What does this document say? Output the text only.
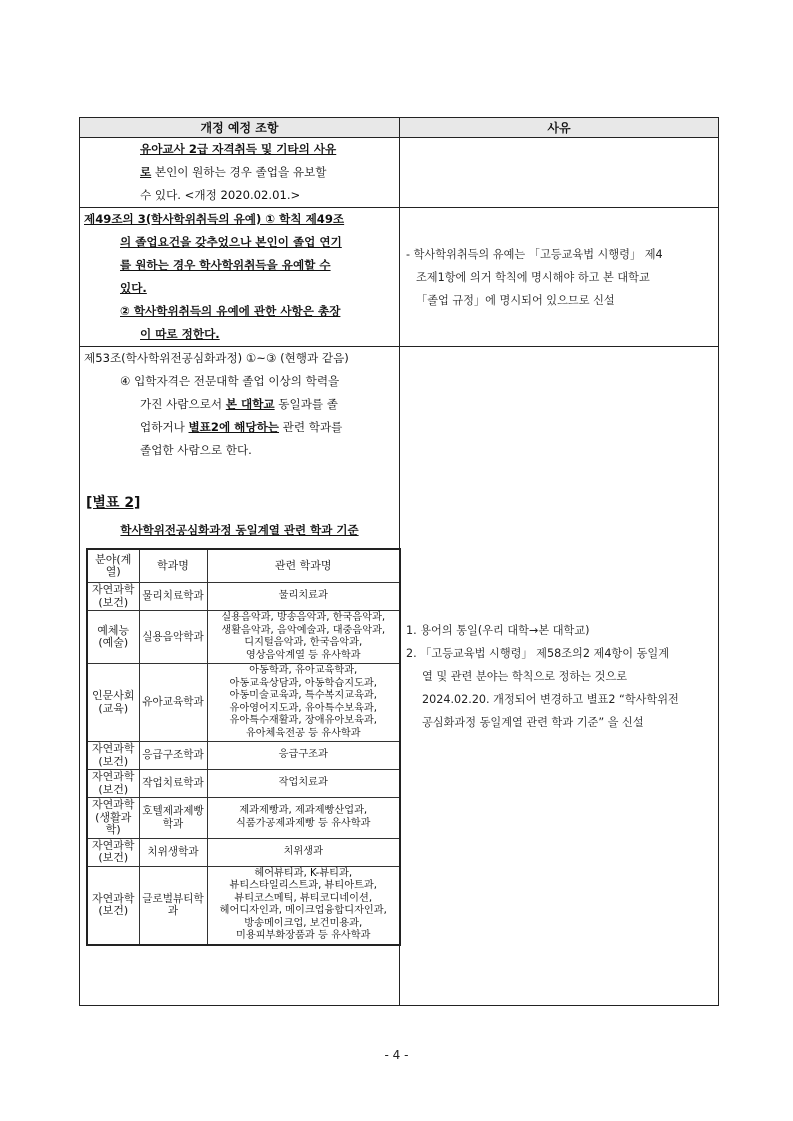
개정 예정 조항	사유

유아교사 2급 자격취득 및 기타의 사유
로 본인이 원하는 경우 졸업을 유보할
수 있다. <개정 2020.02.01.>

제49조의 3(학사학위취득의 유예) ① 학칙 제49조
의 졸업요건을 갖추었으나 본인이 졸업 연기
를 원하는 경우 학사학위취득을 유예할 수
있다.
② 학사학위취득의 유예에 관한 사항은 총장
이 따로 정한다.

- 학사학위취득의 유예는 「고등교육법 시행령」 제4
조제1항에 의거 학칙에 명시해야 하고 본 대학교
「졸업 규정」에 명시되어 있으므로 신설

제53조(학사학위전공심화과정) ①~③ (현행과 같음)
④ 입학자격은 전문대학 졸업 이상의 학력을
가진 사람으로서 본 대학교 동일과를 졸
업하거나 별표2에 해당하는 관련 학과를
졸업한 사람으로 한다.
[별표 2]
학사학위전공심화과정 동일계열 관련 학과 기준
분야(계열)	학과명	관련 학과명
자연과학
(보건)	물리치료학과	물리치료과
예체능
(예술)	실용음악학과	실용음악과, 방송음악과, 한국음악과,
생활음악과, 음악예술과, 대중음악과,
디지털음악과, 한국음악과,
영상음악계열 등 유사학과
인문사회
(교육)	유아교육학과	아동학과, 유아교육학과,
아동교육상담과, 아동학습지도과,
아동미술교육과, 특수복지교육과,
유아영어지도과, 유아특수보육과,
유아특수재활과, 장애유아보육과,
유아체육전공 등 유사학과
자연과학
(보건)	응급구조학과	응급구조과
자연과학
(보건)	작업치료학과	작업치료과
자연과학
(생활과학)	호텔제과제빵학과	제과제빵과, 제과제빵산업과,
식품가공제과제빵 등 유사학과
자연과학
(보건)	치위생학과	치위생과
자연과학
(보건)	글로벌뷰티학과	헤어뷰티과, K-뷰티과,
뷰티스타일리스트과, 뷰티아트과,
뷰티코스메틱, 뷰티코디네이션,
헤어디자인과, 메이크업융합디자인과,
방송메이크업, 보건미용과,
미용피부화장품과 등 유사학과

1. 용어의 통일(우리 대학→본 대학교)
2. 「고등교육법 시행령」 제58조의2 제4항이 동일계
열 및 관련 분야는 학칙으로 정하는 것으로
2024.02.20. 개정되어 변경하고 별표2 “학사학위전
공심화과정 동일계열 관련 학과 기준” 을 신설
- 4 -
